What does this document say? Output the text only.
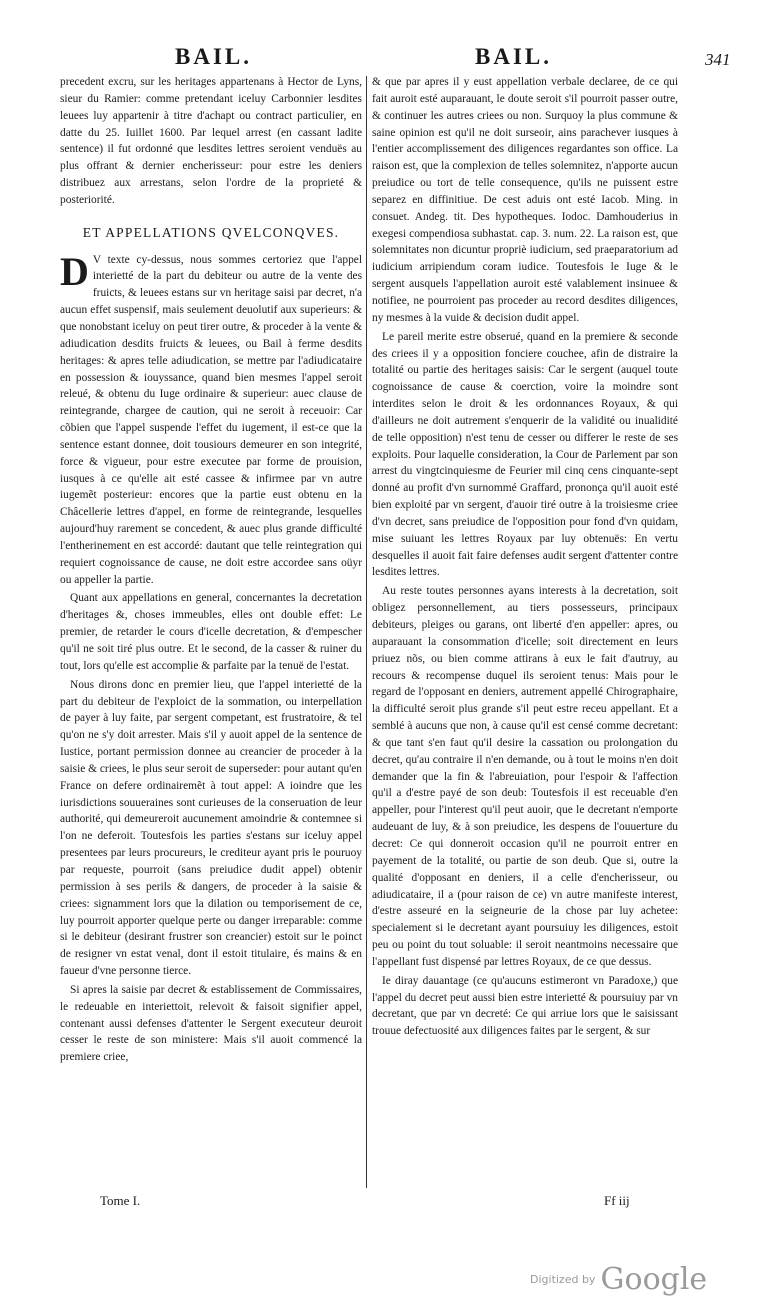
BAIL.	BAIL.	341

precedent excru, sur les heritages appartenans à Hector de Lyns, sieur du Ramier: comme pretendant iceluy Carbonnier lesdites leuees luy appartenir à titre d'achapt ou contract particulier, en datte du 25. Iuillet 1600. Par lequel arrest (en cassant ladite sentence) il fut ordonné que lesdites lettres seroient venduës au plus offrant & dernier encherisseur: pour estre les deniers distribuez aux arrestans, selon l'ordre de la proprieté & posteriorité.

ET APPELLATIONS QVELCONQVES.

D V texte cy-dessus, nous sommes certoriez que l'appel interietté de la part du debiteur ou autre de la vente des fruicts, & leuees estans sur vn heritage saisi par decret, n'a aucun effet suspensif, mais seulement deuolutif aux superieurs: & que nonobstant iceluy on peut tirer outre, & proceder à la vente & adiudication desdits fruicts & leuees, ou Bail à ferme desdits heritages: & apres telle adiudication, se mettre par l'adiudicataire en possession & iouyssance, quand bien mesmes l'appel seroit releué, & obtenu du Iuge ordinaire & superieur: auec clause de reintegrande, chargee de caution, qui ne seroit à receuoir: Car cõbien que l'appel suspende l'effet du iugement, il est-ce que la sentence estant donnee, doit tousiours demeurer en son integrité, force & vigueur, pour estre executee par forme de prouision, iusques à ce qu'elle ait esté cassee & infirmee par vn autre iugemẽt posterieur: encores que la partie eust obtenu en la Châcellerie lettres d'appel, en forme de reintegrande, lesquelles aujourd'huy rarement se concedent, & auec plus grande difficulté l'entherinement en est accordé: dautant que telle reintegration qui requiert cognoissance de cause, ne doit estre accordee sans oüyr ou appeller la partie.

Quant aux appellations en general, concernantes la decretation d'heritages &, choses immeubles, elles ont double effet: Le premier, de retarder le cours d'icelle decretation, & d'empescher qu'il ne soit tiré plus outre. Et le second, de la casser & ruiner du tout, lors qu'elle est accomplie & parfaite par la tenuë de l'estat.

Nous dirons donc en premier lieu, que l'appel interietté de la part du debiteur de l'exploict de la sommation, ou interpellation de payer à luy faite, par sergent competant, est frustratoire, & tel qu'on ne s'y doit arrester. Mais s'il y auoit appel de la sentence de Iustice, portant permission donnee au creancier de proceder à la saisie & criees, le plus seur seroit de superseder: pour autant qu'en France on defere ordinairemẽt à tout appel: A ioindre que les iurisdictions souueraines sont curieuses de la conseruation de leur authorité, qui demeureroit aucunement amoindrie & contemnee si l'on ne deferoit. Toutesfois les parties s'estans sur iceluy appel presentees par leurs procureurs, le crediteur ayant pris le pouruoy par requeste, pourroit (sans preiudice dudit appel) obtenir permission à ses perils & dangers, de proceder à la saisie & criees: signamment lors que la dilation ou temporisement de ce, luy pourroit apporter quelque perte ou danger irreparable: comme si le debiteur (desirant frustrer son creancier) estoit sur le poinct de resigner vn estat venal, dont il estoit titulaire, és mains & en faueur d'vne personne tierce.

Si apres la saisie par decret & establissement de Commissaires, le redeuable en interiettoit, relevoit & faisoit signifier appel, contenant aussi defenses d'attenter le Sergent executeur deuroit cesser le reste de son ministere: Mais s'il auoit commencé la premiere criee,

& que par apres il y eust appellation verbale declaree, de ce qui fait auroit esté auparauant, le doute seroit s'il pourroit passer outre, & continuer les autres criees ou non. Surquoy la plus commune & saine opinion est qu'il ne doit surseoir, ains parachever iusques à l'entier accomplissement des diligences regardantes son office. La raison est, que la complexion de telles solemnitez, n'apporte aucun preiudice ou tort de telle consequence, qu'ils ne puissent estre separez en diffinitiue. De cest aduis ont esté Iacob. Ming. in consuet. Andeg. tit. Des hypotheques. Iodoc. Damhouderius in exegesi compendiosa subhastat. cap. 3. num. 22. La raison est, que solemnitates non dicuntur propriè iudicium, sed praeparatorium ad iudicium arripiendum coram iudice. Toutesfois le Iuge & le sergent ausquels l'appellation auroit esté valablement insinuee & notifiee, ne pourroient pas proceder au record desdites diligences, ny mesmes à la vuide & decision dudit appel.

Le pareil merite estre obserué, quand en la premiere & seconde des criees il y a opposition fonciere couchee, afin de distraire la totalité ou partie des heritages saisis: Car le sergent (auquel toute cognoissance de cause & coerction, voire la moindre sont interdites selon le droit & les ordonnances Royaux, & qui d'ailleurs ne doit autrement s'enquerir de la validité ou inualidité de telle opposition) n'est tenu de cesser ou differer le reste de ses exploits. Pour laquelle consideration, la Cour de Parlement par son arrest du vingtcinquiesme de Feurier mil cinq cens cinquante-sept donné au profit d'vn surnommé Graffard, prononça qu'il auoit esté bien exploité par vn sergent, d'auoir tiré outre à la troisiesme criee d'vn decret, sans preiudice de l'opposition pour fond d'vn quidam, mise suiuant les lettres Royaux par luy obtenuës: En vertu desquelles il auoit fait faire defenses audit sergent d'attenter contre lesdites lettres.

Au reste toutes personnes ayans interests à la decretation, soit obligez personnellement, au tiers possesseurs, principaux debiteurs, pleiges ou garans, ont liberté d'en appeller: apres, ou auparauant la consommation d'icelle; soit directement en leurs priuez nõs, ou bien comme attirans à eux le fait d'autruy, au recours & recompense duquel ils seroient tenus: Mais pour le regard de l'opposant en deniers, autrement appellé Chirographaire, la difficulté seroit plus grande s'il peut estre receu appellant. Et a semblé à aucuns que non, à cause qu'il est censé comme decretant: & que tant s'en faut qu'il desire la cassation ou prolongation du decret, qu'au contraire il n'en demande, ou à tout le moins n'en doit demander que la fin & l'abreuiation, pour l'espoir & l'affection qu'il a d'estre payé de son deub: Toutesfois il est receuable d'en appeller, pour l'interest qu'il peut auoir, que le decretant n'emporte audeuant de luy, & à son preiudice, les despens de l'ouuerture du decret: Ce qui donneroit occasion qu'il ne pourroit entrer en payement de la totalité, ou partie de son deub. Que si, outre la qualité d'opposant en deniers, il a celle d'encherisseur, ou adiudicataire, il a (pour raison de ce) vn autre manifeste interest, d'estre asseuré en la seigneurie de la chose par luy achetee: specialement si le decretant ayant poursuiuy les diligences, estoit peu ou point du tout soluable: il seroit neantmoins necessaire que l'appellant fust dispensé par lettres Royaux, de ce que dessus.

Ie diray dauantage (ce qu'aucuns estimeront vn Paradoxe,) que l'appel du decret peut aussi bien estre interietté & poursuiuy par vn decretant, que par vn decreté: Ce qui arriue lors que le saisissant trouue defectuosité aux diligences faites par le sergent, & sur

Tome I.	Ff iij
Digitized by Google
